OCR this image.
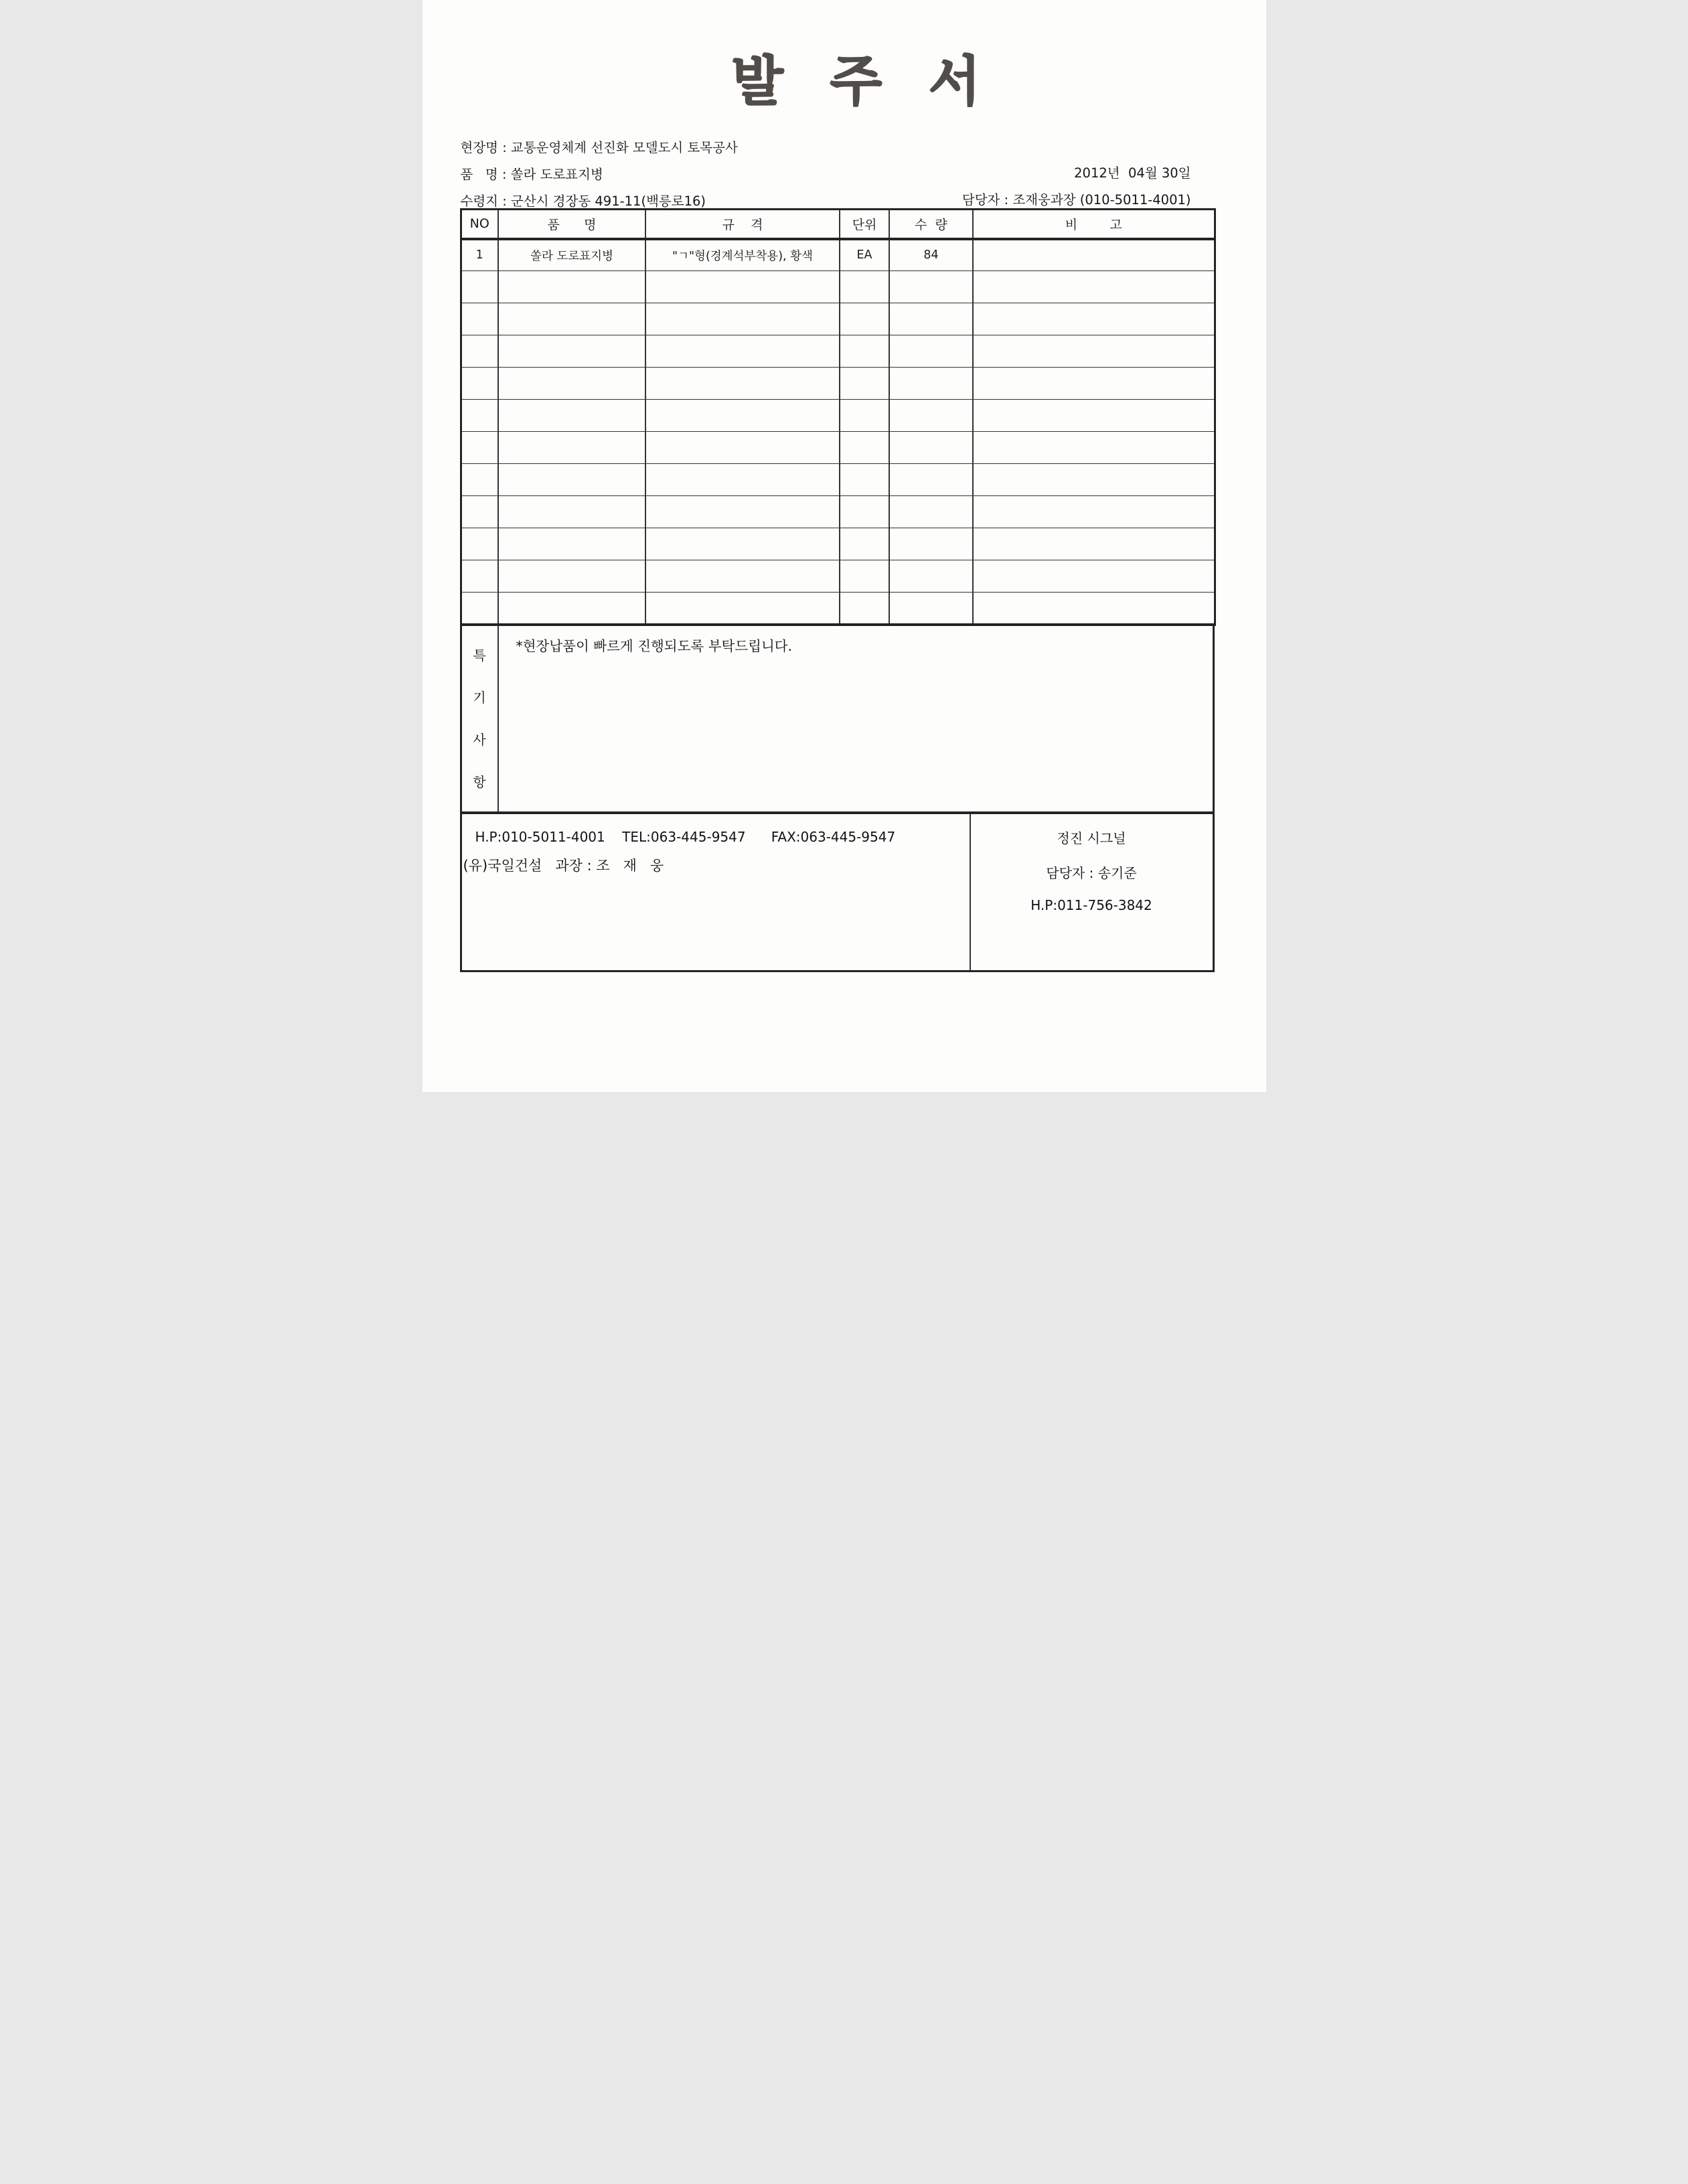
발주서
현장명 : 교통운영체계 선진화 모델도시 토목공사
품   명 : 쏠라 도로표지병	2012년  04월 30일
수령지 : 군산시 경장동 491-11(백릉로16)	담당자 : 조재웅과장 (010-5011-4001)
NO	품      명	규    격	단위	수  량	비        고
1	쏠라 도로표지병	"ㄱ"형(경계석부착용), 황색	EA	84	

특
기
사
항
*현장납품이 빠르게 진행되도록 부탁드립니다.
H.P:010-5011-4001    TEL:063-445-9547      FAX:063-445-9547
(유)국일건설   과장 : 조   재   웅
정진 시그널
담당자 : 송기준
H.P:011-756-3842
